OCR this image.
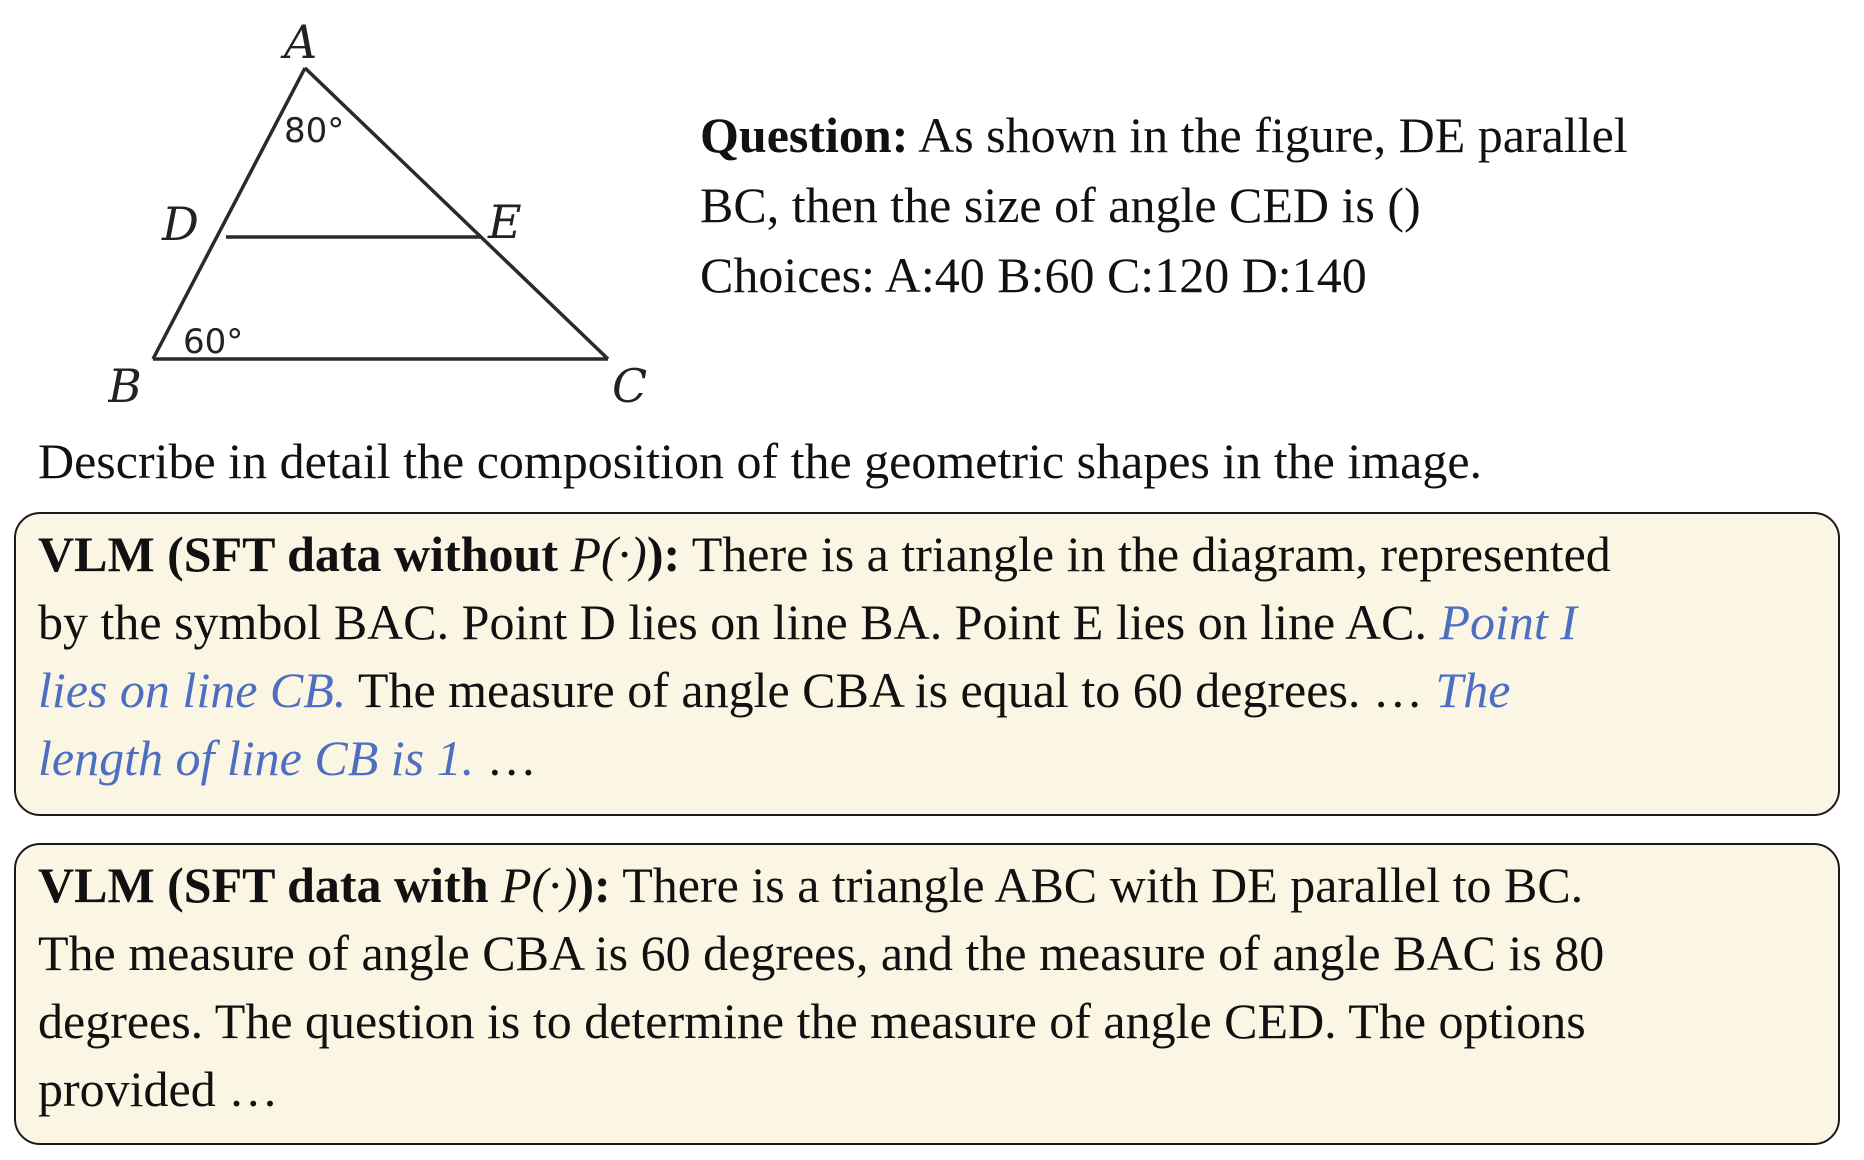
A
D	E
B	C
80°
60°
Question: As shown in the figure, DE parallel
BC, then the size of angle CED is ()
Choices: A:40 B:60 C:120 D:140
Describe in detail the composition of the geometric shapes in the image.
VLM (SFT data without P(·)): There is a triangle in the diagram, represented
by the symbol BAC. Point D lies on line BA. Point E lies on line AC. Point I
lies on line CB. The measure of angle CBA is equal to 60 degrees. … The
length of line CB is 1. …
VLM (SFT data with P(·)): There is a triangle ABC with DE parallel to BC.
The measure of angle CBA is 60 degrees, and the measure of angle BAC is 80
degrees. The question is to determine the measure of angle CED. The options
provided …
